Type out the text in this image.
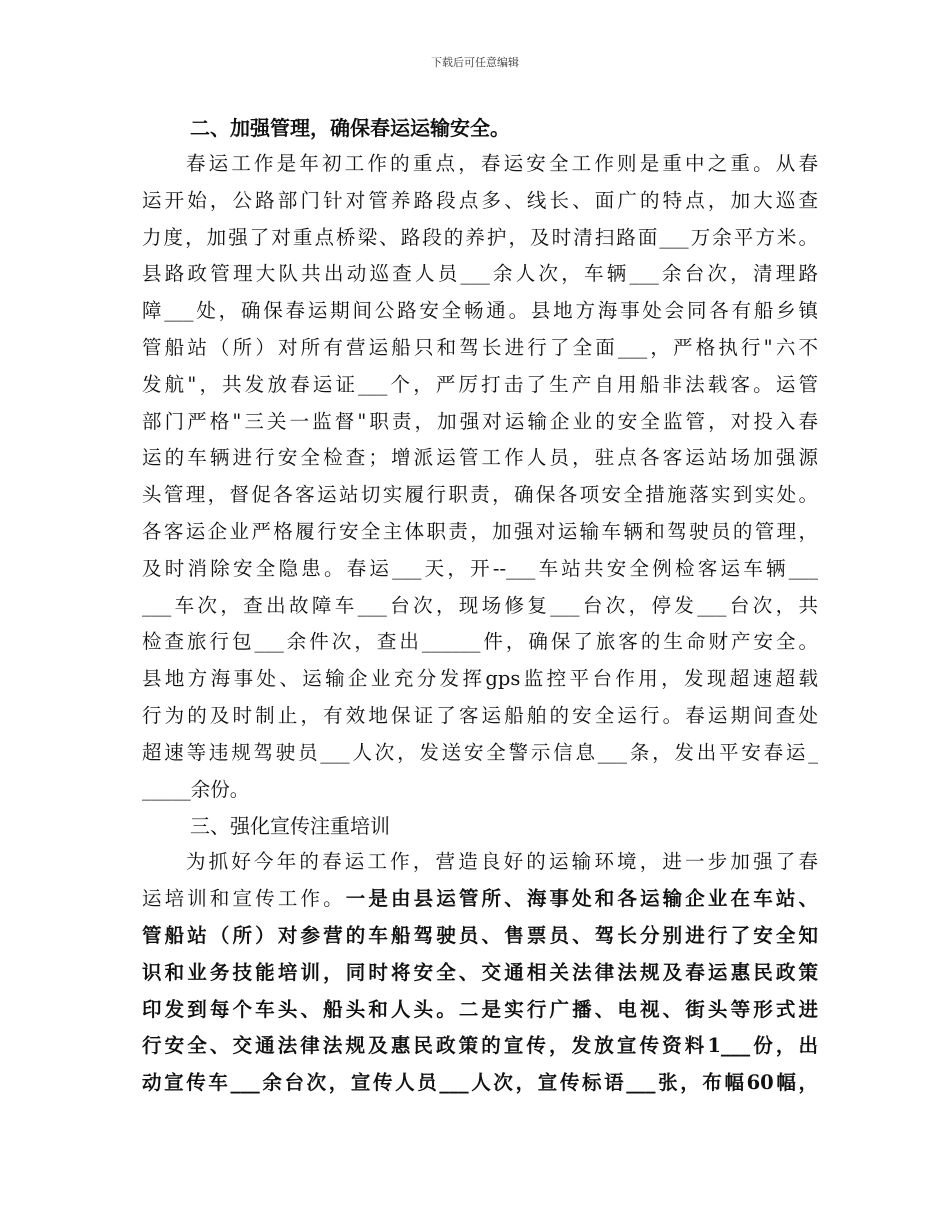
下载后可任意编辑

二、加强管理，确保春运运输安全。

春运工作是年初工作的重点，春运安全工作则是重中之重。从春
运开始，公路部门针对管养路段点多、线长、面广的特点，加大巡查
力度，加强了对重点桥梁、路段的养护，及时清扫路面___万余平方米。
县路政管理大队共出动巡查人员___余人次，车辆___余台次，清理路
障___处，确保春运期间公路安全畅通。县地方海事处会同各有船乡镇
管船站（所）对所有营运船只和驾长进行了全面___，严格执行"六不
发航"，共发放春运证___个，严厉打击了生产自用船非法载客。运管
部门严格"三关一监督"职责，加强对运输企业的安全监管，对投入春
运的车辆进行安全检查；增派运管工作人员，驻点各客运站场加强源
头管理，督促各客运站切实履行职责，确保各项安全措施落实到实处。
各客运企业严格履行安全主体职责，加强对运输车辆和驾驶员的管理，
及时消除安全隐患。春运___天，开--___车站共安全例检客运车辆___
___车次，查出故障车___台次，现场修复___台次，停发___台次，共
检查旅行包___余件次，查出______件，确保了旅客的生命财产安全。
县地方海事处、运输企业充分发挥gps监控平台作用，发现超速超载
行为的及时制止，有效地保证了客运船舶的安全运行。春运期间查处
超速等违规驾驶员___人次，发送安全警示信息___条，发出平安春运_
_____余份。

三、强化宣传注重培训

为抓好今年的春运工作，营造良好的运输环境，进一步加强了春
运培训和宣传工作。一是由县运管所、海事处和各运输企业在车站、
管船站（所）对参营的车船驾驶员、售票员、驾长分别进行了安全知
识和业务技能培训，同时将安全、交通相关法律法规及春运惠民政策
印发到每个车头、船头和人头。二是实行广播、电视、街头等形式进
行安全、交通法律法规及惠民政策的宣传，发放宣传资料1___份，出
动宣传车___余台次，宣传人员___人次，宣传标语___张，布幅60幅，
